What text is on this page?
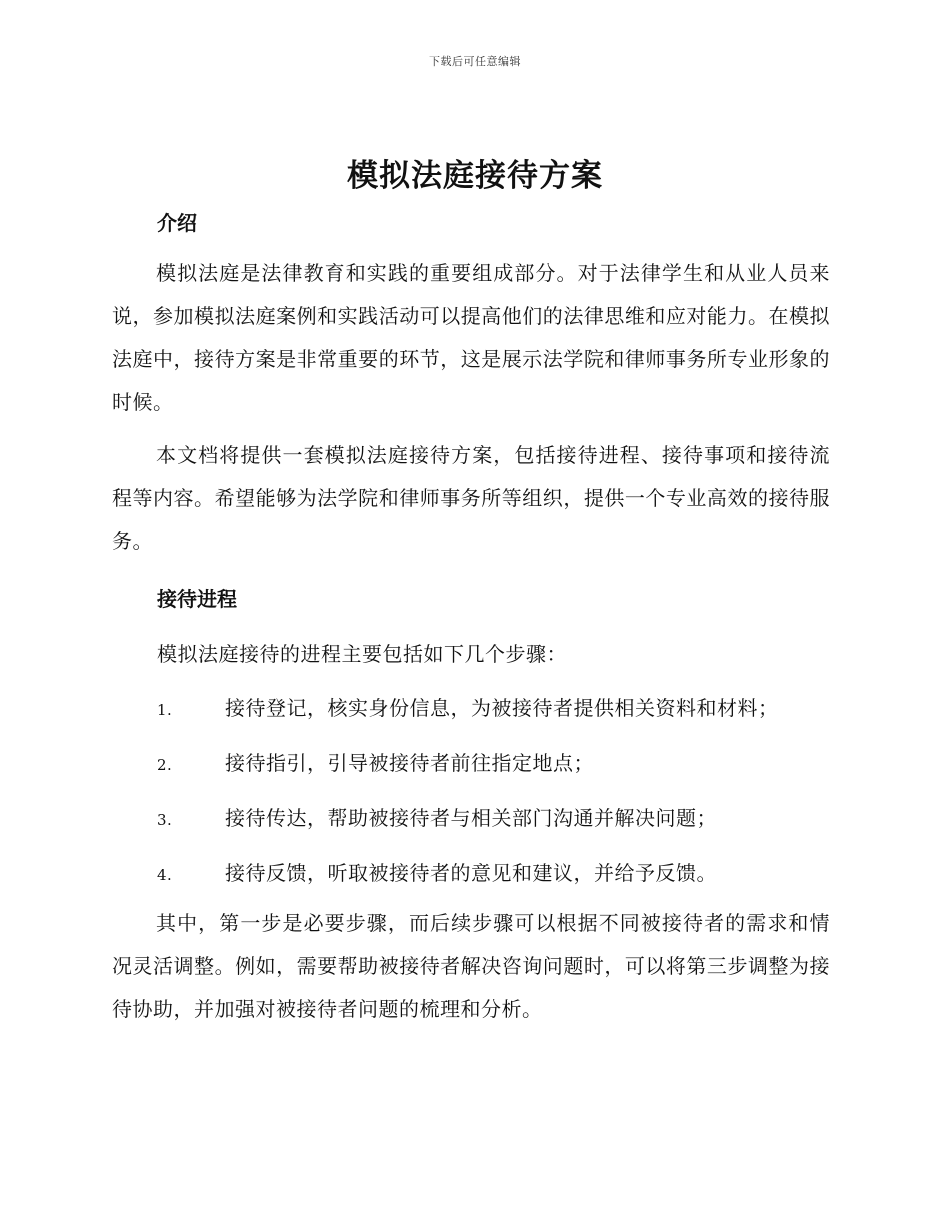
下载后可任意编辑
模拟法庭接待方案
介绍

模拟法庭是法律教育和实践的重要组成部分。对于法律学生和从业人员来说，参加模拟法庭案例和实践活动可以提高他们的法律思维和应对能力。在模拟法庭中，接待方案是非常重要的环节，这是展示法学院和律师事务所专业形象的时候。

本文档将提供一套模拟法庭接待方案，包括接待进程、接待事项和接待流程等内容。希望能够为法学院和律师事务所等组织，提供一个专业高效的接待服务。

接待进程

模拟法庭接待的进程主要包括如下几个步骤：

1.	接待登记，核实身份信息，为被接待者提供相关资料和材料；
2.	接待指引，引导被接待者前往指定地点；
3.	接待传达，帮助被接待者与相关部门沟通并解决问题；
4.	接待反馈，听取被接待者的意见和建议，并给予反馈。

其中，第一步是必要步骤，而后续步骤可以根据不同被接待者的需求和情况灵活调整。例如，需要帮助被接待者解决咨询问题时，可以将第三步调整为接待协助，并加强对被接待者问题的梳理和分析。
